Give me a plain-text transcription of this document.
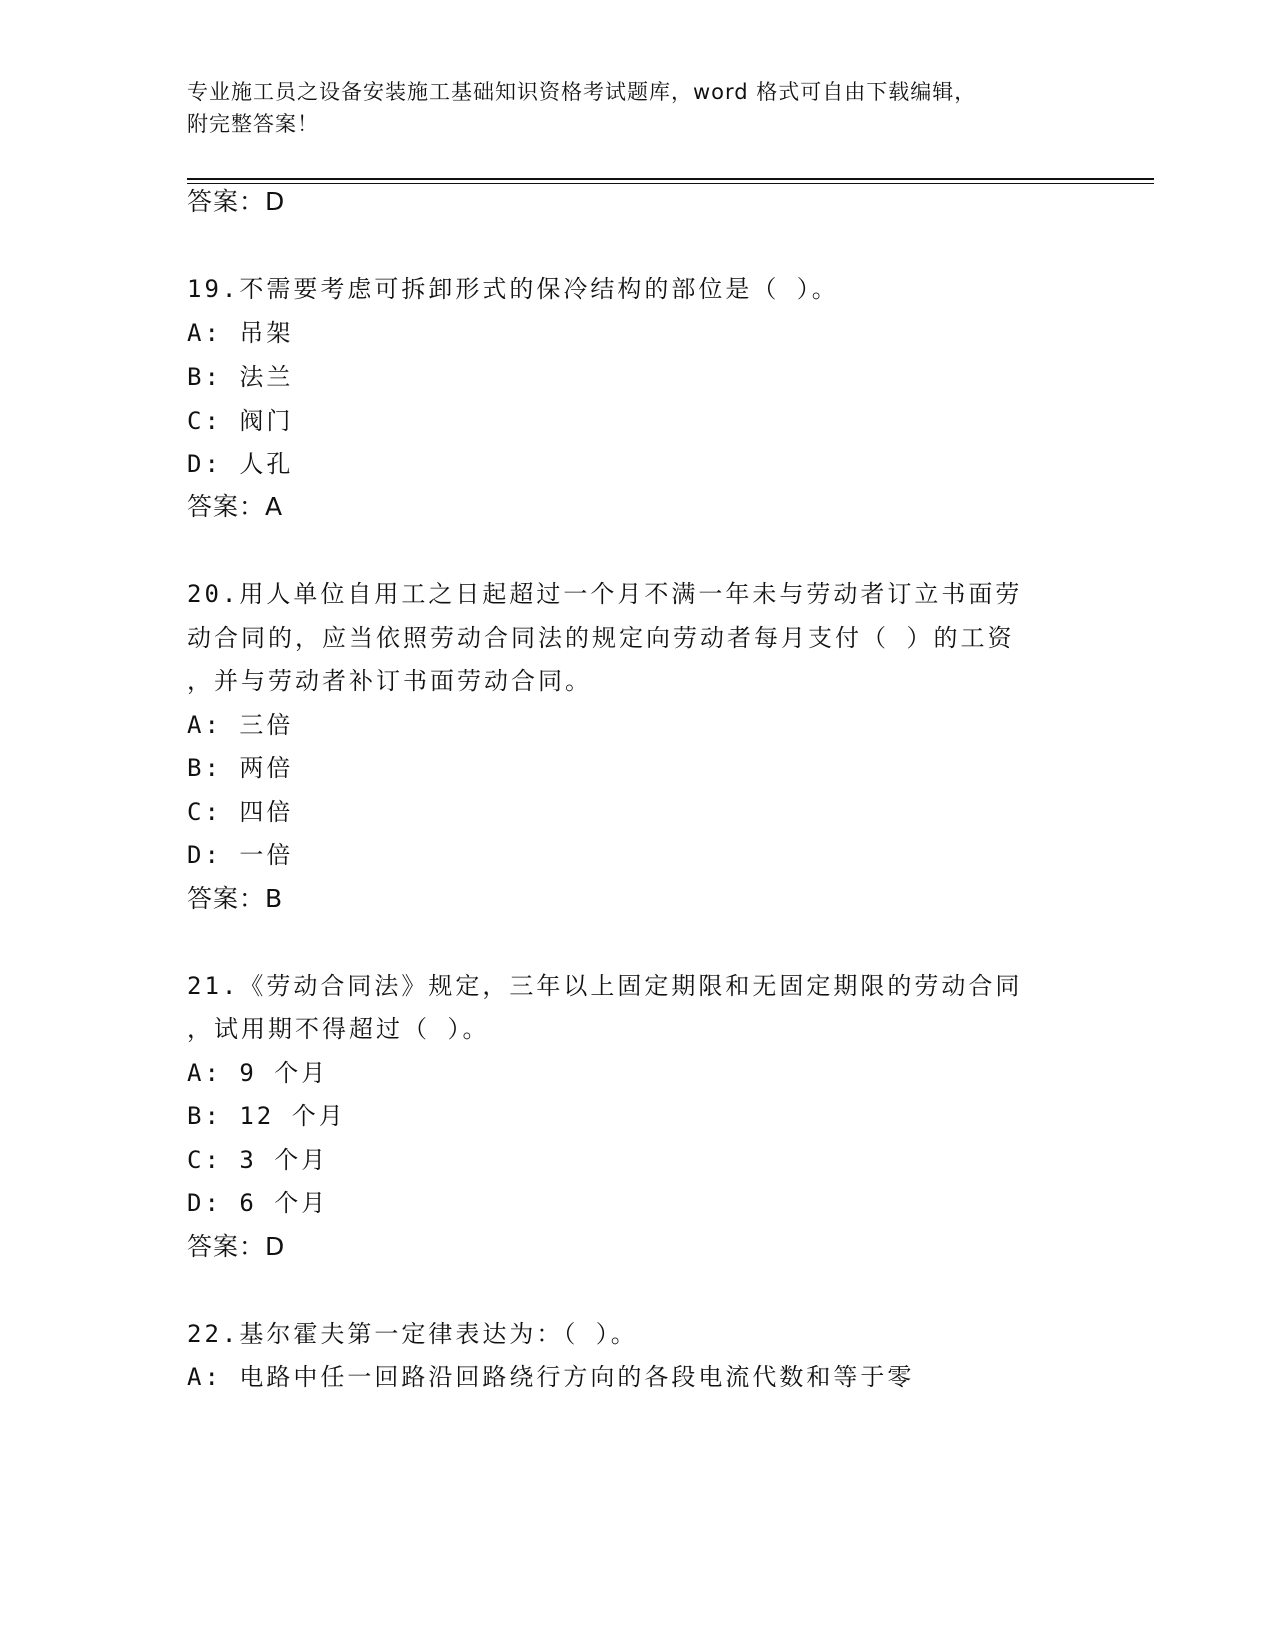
专业施工员之设备安装施工基础知识资格考试题库，word 格式可自由下载编辑，
附完整答案！
答案：D
19.不需要考虑可拆卸形式的保冷结构的部位是（ ）。
A: 吊架
B: 法兰
C: 阀门
D: 人孔
答案：A
20.用人单位自用工之日起超过一个月不满一年未与劳动者订立书面劳
动合同的，应当依照劳动合同法的规定向劳动者每月支付（ ）的工资
，并与劳动者补订书面劳动合同。
A: 三倍
B: 两倍
C: 四倍
D: 一倍
答案：B
21.《劳动合同法》规定，三年以上固定期限和无固定期限的劳动合同
，试用期不得超过（ ）。
A: 9 个月
B: 12 个月
C: 3 个月
D: 6 个月
答案：D
22.基尔霍夫第一定律表达为：（ ）。
A: 电路中任一回路沿回路绕行方向的各段电流代数和等于零
